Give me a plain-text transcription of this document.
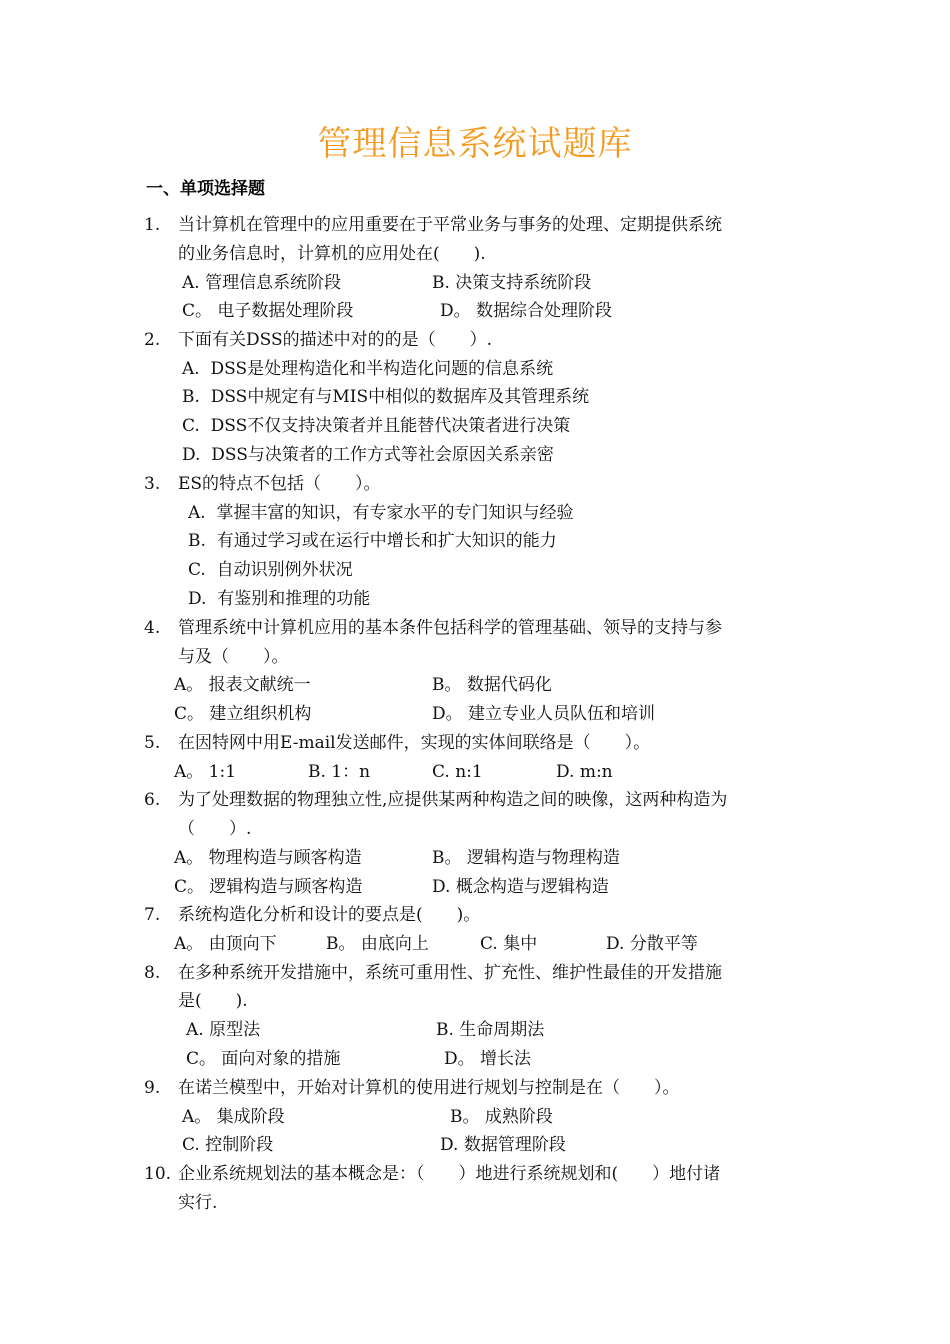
管理信息系统试题库
一、单项选择题
1. 当计算机在管理中的应用重要在于平常业务与事务的处理、定期提供系统
的业务信息时，计算机的应用处在(　　).
A. 管理信息系统阶段	B. 决策支持系统阶段
C。 电子数据处理阶段	D。 数据综合处理阶段
2. 下面有关DSS的描述中对的的是（　　）.
A.  DSS是处理构造化和半构造化问题的信息系统
B.  DSS中规定有与MIS中相似的数据库及其管理系统
C.  DSS不仅支持决策者并且能替代决策者进行决策
D.  DSS与决策者的工作方式等社会原因关系亲密
3. ES的特点不包括（　　）。
A.  掌握丰富的知识，有专家水平的专门知识与经验
B.  有通过学习或在运行中增长和扩大知识的能力
C.  自动识别例外状况
D.  有鉴别和推理的功能
4. 管理系统中计算机应用的基本条件包括科学的管理基础、领导的支持与参
与及（　　）。
A。 报表文献统一	B。 数据代码化
C。 建立组织机构	D。 建立专业人员队伍和培训
5. 在因特网中用E-mail发送邮件，实现的实体间联络是（　　）。
A。 1:1	B. 1：n	C. n:1	D. m:n
6. 为了处理数据的物理独立性,应提供某两种构造之间的映像，这两种构造为
（　　）.
A。 物理构造与顾客构造	B。 逻辑构造与物理构造
C。 逻辑构造与顾客构造	D. 概念构造与逻辑构造
7. 系统构造化分析和设计的要点是(　　)。
A。 由顶向下	B。 由底向上	C. 集中	D. 分散平等
8. 在多种系统开发措施中，系统可重用性、扩充性、维护性最佳的开发措施
是(　　).
A. 原型法	B. 生命周期法
C。 面向对象的措施	D。 增长法
9. 在诺兰模型中，开始对计算机的使用进行规划与控制是在（　　）。
A。 集成阶段	B。 成熟阶段
C. 控制阶段	D. 数据管理阶段
10. 企业系统规划法的基本概念是：（　　）地进行系统规划和(　　）地付诸
实行.
